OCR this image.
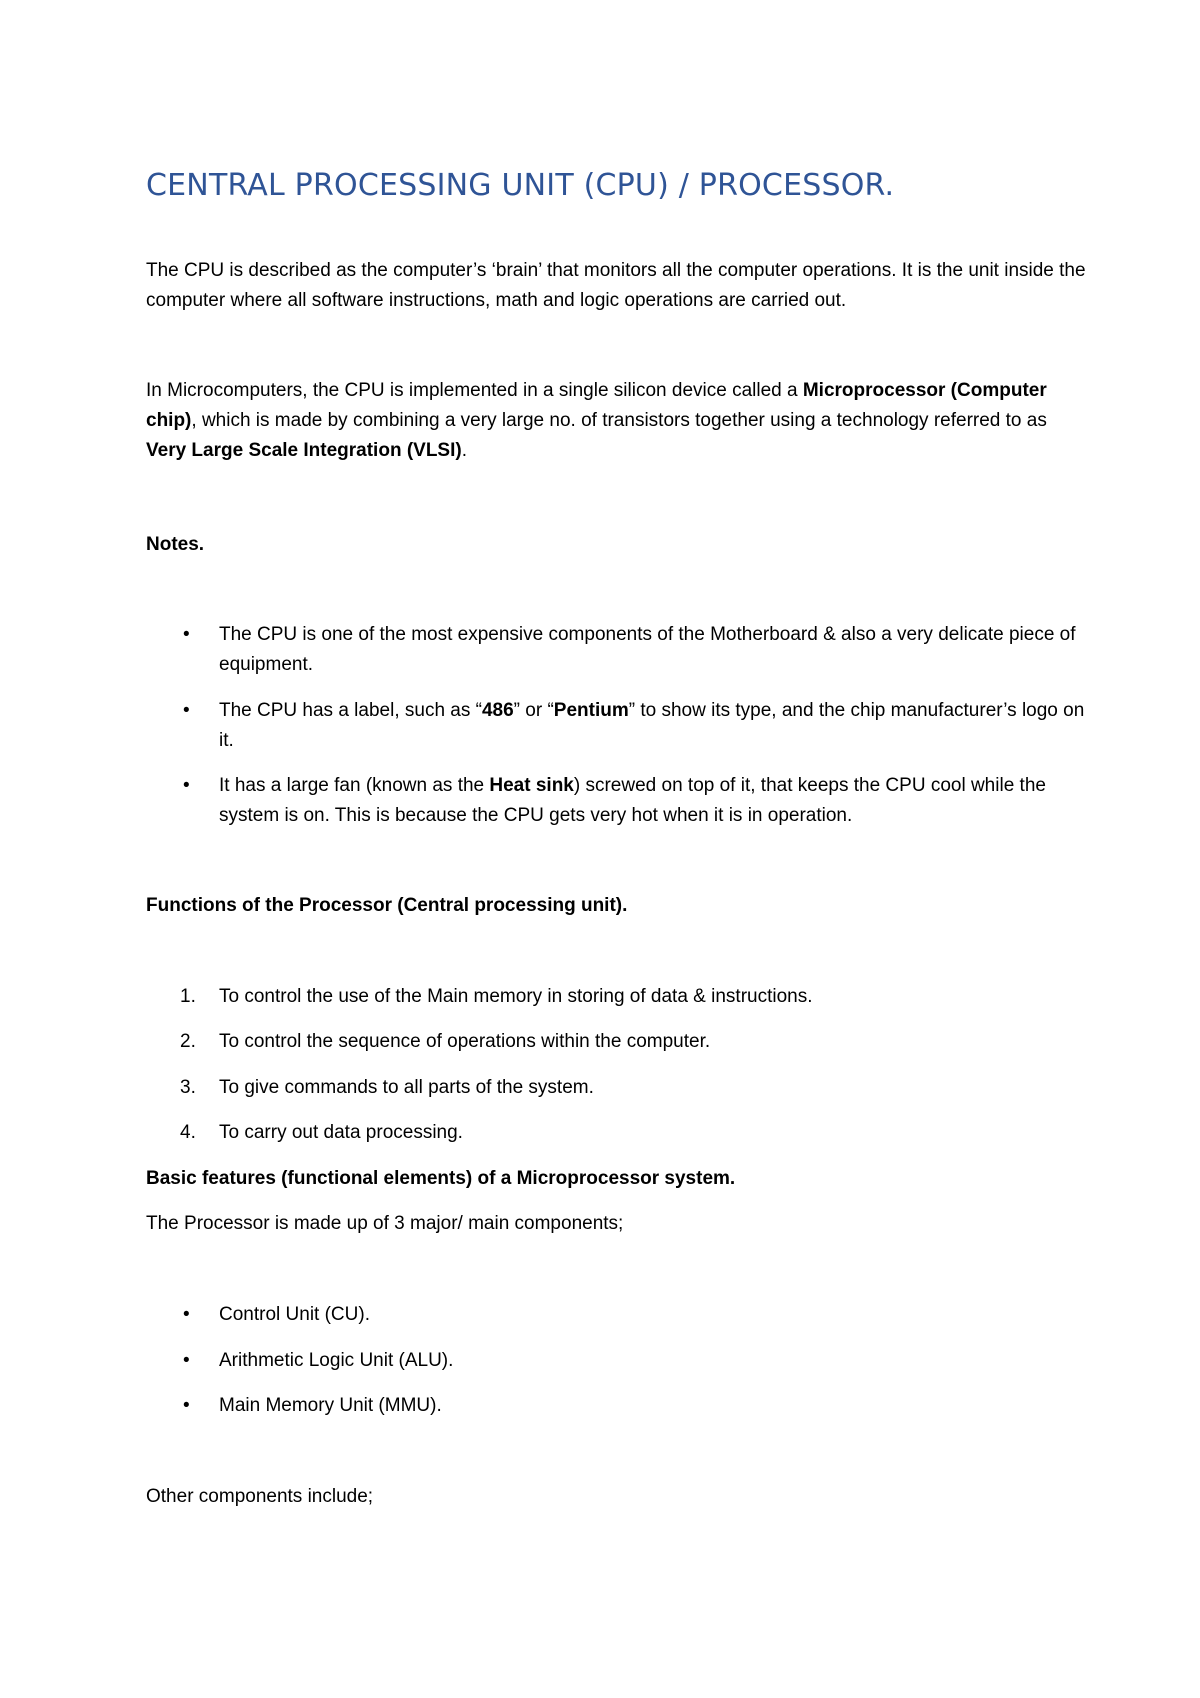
CENTRAL PROCESSING UNIT (CPU) / PROCESSOR.
The CPU is described as the computer’s ‘brain’ that monitors all the computer operations. It is the unit inside the computer where all software instructions, math and logic operations are carried out.
In Microcomputers, the CPU is implemented in a single silicon device called a Microprocessor (Computer chip), which is made by combining a very large no. of transistors together using a technology referred to as Very Large Scale Integration (VLSI).
Notes.
• The CPU is one of the most expensive components of the Motherboard & also a very delicate piece of equipment.
• The CPU has a label, such as “486” or “Pentium” to show its type, and the chip manufacturer’s logo on it.
• It has a large fan (known as the Heat sink) screwed on top of it, that keeps the CPU cool while the system is on. This is because the CPU gets very hot when it is in operation.
Functions of the Processor (Central processing unit).
1. To control the use of the Main memory in storing of data & instructions.
2. To control the sequence of operations within the computer.
3. To give commands to all parts of the system.
4. To carry out data processing.
Basic features (functional elements) of a Microprocessor system.
The Processor is made up of 3 major/ main components;
• Control Unit (CU).
• Arithmetic Logic Unit (ALU).
• Main Memory Unit (MMU).
Other components include;
